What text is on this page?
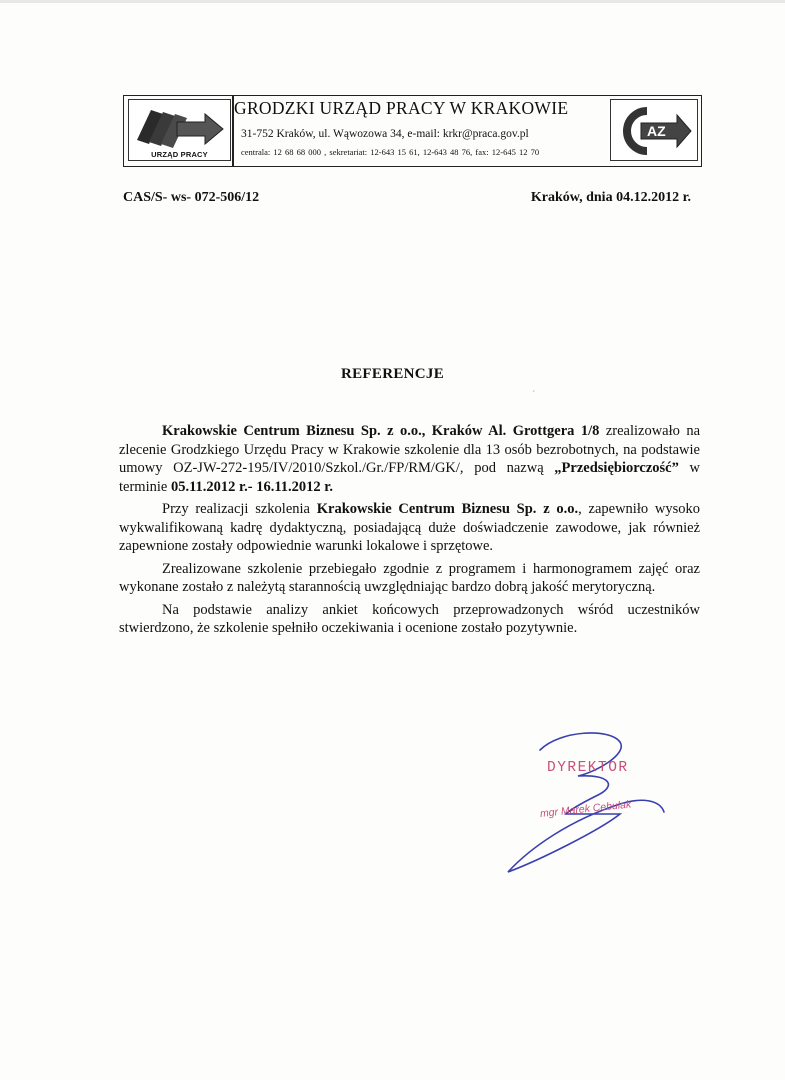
URZĄD PRACY
GRODZKI URZĄD PRACY W KRAKOWIE
31-752 Kraków, ul. Wąwozowa 34, e-mail: krkr@praca.gov.pl
centrala: 12 68 68 000 , sekretariat: 12-643 15 61, 12-643 48 76, fax: 12-645 12 70
AZ
CAS/S- ws- 072-506/12	Kraków, dnia 04.12.2012 r.
REFERENCJE
ˊ

Krakowskie Centrum Biznesu Sp. z o.o., Kraków Al. Grottgera 1/8 zrealizowało na zlecenie Grodzkiego Urzędu Pracy w Krakowie szkolenie dla 13 osób bezrobotnych, na podstawie umowy OZ-JW-272-195/IV/2010/Szkol./Gr./FP/RM/GK/, pod nazwą „Przedsiębiorczość” w terminie 05.11.2012 r.- 16.11.2012 r.

Przy realizacji szkolenia Krakowskie Centrum Biznesu Sp. z o.o., zapewniło wysoko wykwalifikowaną kadrę dydaktyczną, posiadającą duże doświadczenie zawodowe, jak również zapewnione zostały odpowiednie warunki lokalowe i sprzętowe.

Zrealizowane szkolenie przebiegało zgodnie z programem i harmonogramem zajęć oraz wykonane zostało z należytą starannością uwzględniając bardzo dobrą jakość merytoryczną.

Na podstawie analizy ankiet końcowych przeprowadzonych wśród uczestników stwierdzono, że szkolenie spełniło oczekiwania i ocenione zostało pozytywnie.

DYREKTOR
mgr Marek Cebulak
